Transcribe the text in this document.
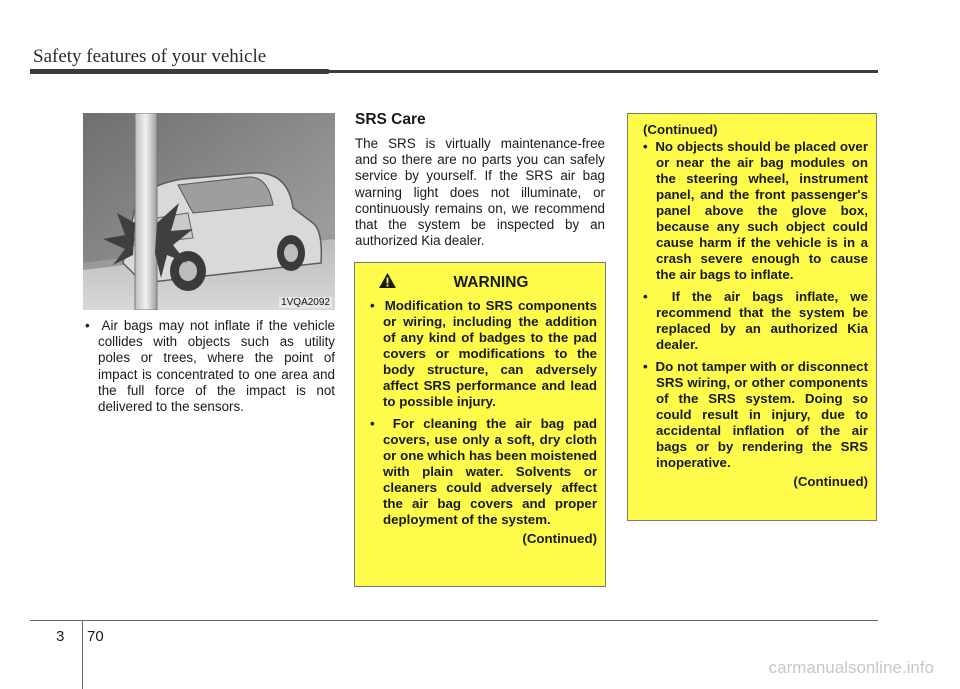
Safety features of your vehicle
1VQA2092
•  Air bags may not inflate if the vehicle collides with objects such as utility poles or trees, where the point of impact is concentrated to one area and the full force of the impact is not delivered to the sensors.
SRS Care
The SRS is virtually maintenance-free and so there are no parts you can safely service by yourself. If the SRS air bag warning light does not illuminate, or continuously remains on, we recommend that the system be inspected by an authorized Kia dealer.
WARNING
•  Modification to SRS components or wiring, including the addition of any kind of badges to the pad covers or modifications to the body structure, can adversely affect SRS performance and lead to possible injury.
•  For cleaning the air bag pad covers, use only a soft, dry cloth or one which has been moistened with plain water. Solvents or cleaners could adversely affect the air bag covers and proper deployment of the system.
(Continued)
(Continued)
•  No objects should be placed over or near the air bag modules on the steering wheel, instrument panel, and the front passenger's panel above the glove box, because any such object could cause harm if the vehicle is in a crash severe enough to cause the air bags to inflate.
•  If the air bags inflate, we recommend that the system be replaced by an authorized Kia dealer.
•  Do not tamper with or disconnect SRS wiring, or other components of the SRS system. Doing so could result in injury, due to accidental inflation of the air bags or by rendering the SRS inoperative.
(Continued)
3 70
carmanualsonline.info
